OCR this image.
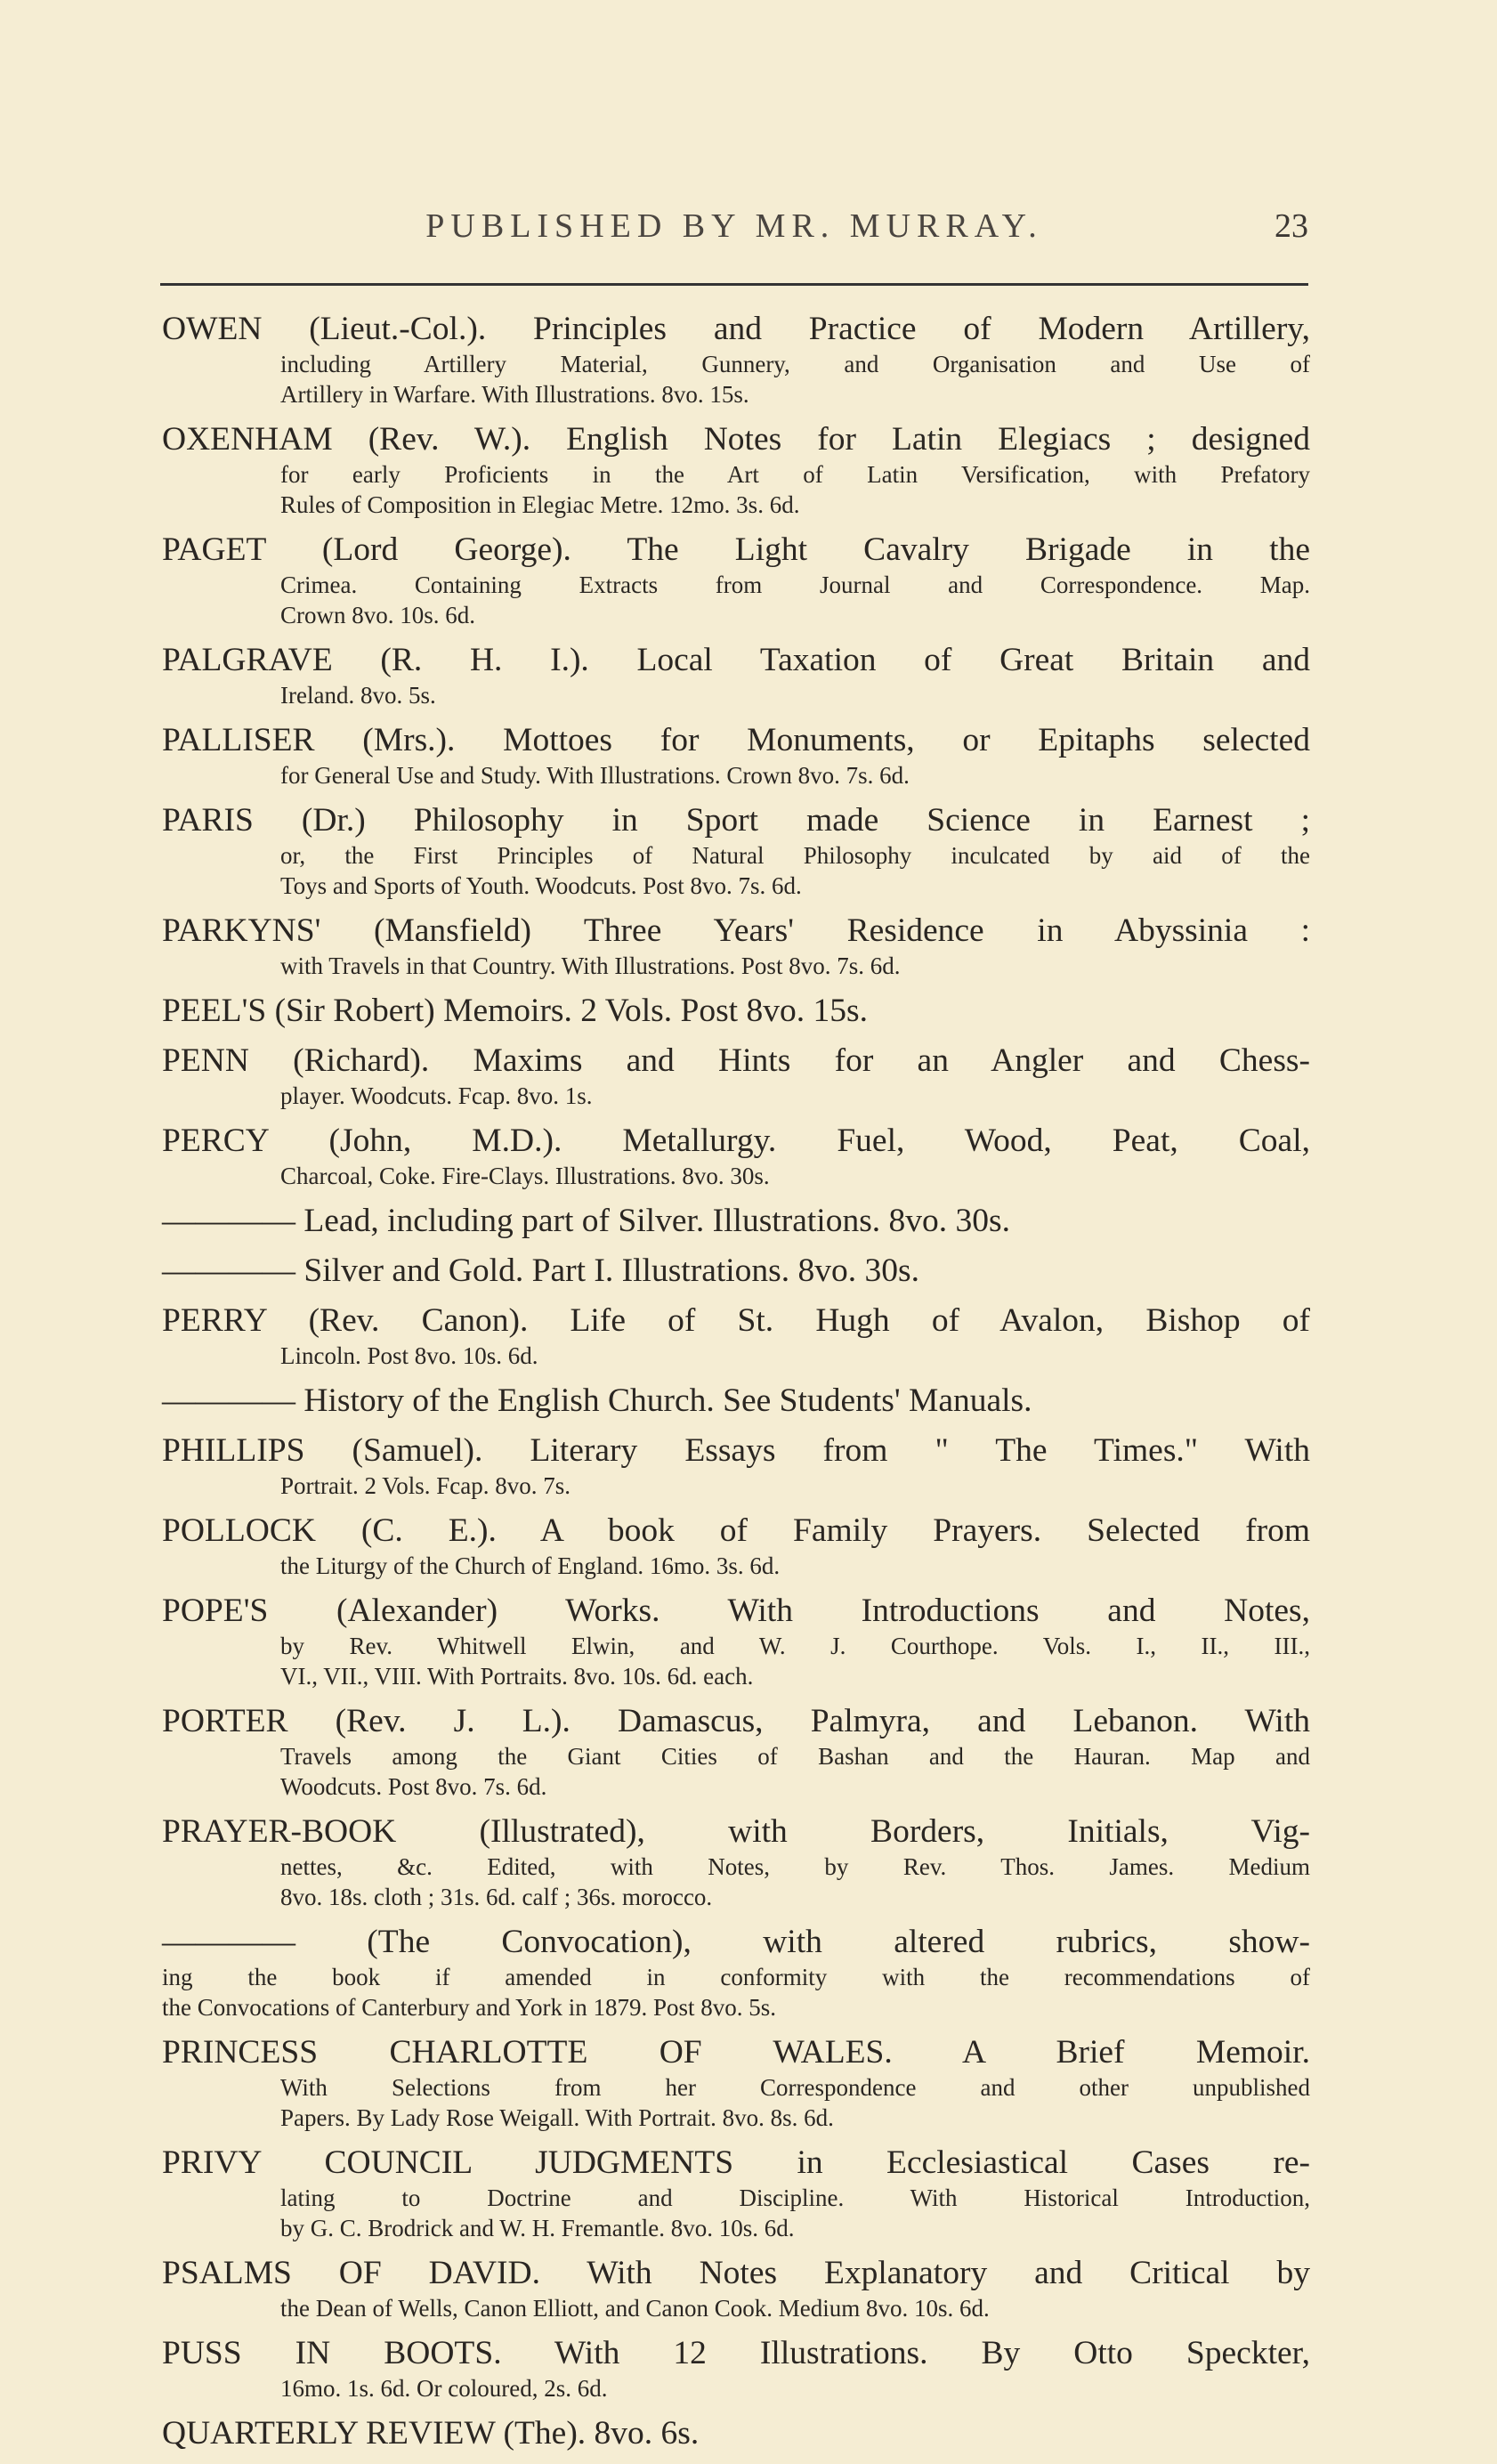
PUBLISHED BY MR. MURRAY.	23
OWEN (Lieut.-Col.). Principles and Practice of Modern Artillery,
including Artillery Material, Gunnery, and Organisation and Use of
Artillery in Warfare. With Illustrations. 8vo. 15s.
OXENHAM (Rev. W.). English Notes for Latin Elegiacs ; designed
for early Proficients in the Art of Latin Versification, with Prefatory
Rules of Composition in Elegiac Metre. 12mo. 3s. 6d.
PAGET (Lord George). The Light Cavalry Brigade in the
Crimea. Containing Extracts from Journal and Correspondence. Map.
Crown 8vo. 10s. 6d.
PALGRAVE (R. H. I.). Local Taxation of Great Britain and
Ireland. 8vo. 5s.
PALLISER (Mrs.). Mottoes for Monuments, or Epitaphs selected
for General Use and Study. With Illustrations. Crown 8vo. 7s. 6d.
PARIS (Dr.) Philosophy in Sport made Science in Earnest ;
or, the First Principles of Natural Philosophy inculcated by aid of the
Toys and Sports of Youth. Woodcuts. Post 8vo. 7s. 6d.
PARKYNS' (Mansfield) Three Years' Residence in Abyssinia :
with Travels in that Country. With Illustrations. Post 8vo. 7s. 6d.
PEEL'S (Sir Robert) Memoirs. 2 Vols. Post 8vo. 15s.
PENN (Richard). Maxims and Hints for an Angler and Chess-
player. Woodcuts. Fcap. 8vo. 1s.
PERCY (John, M.D.). Metallurgy. Fuel, Wood, Peat, Coal,
Charcoal, Coke. Fire-Clays. Illustrations. 8vo. 30s.
———— Lead, including part of Silver. Illustrations. 8vo. 30s.
———— Silver and Gold. Part I. Illustrations. 8vo. 30s.
PERRY (Rev. Canon). Life of St. Hugh of Avalon, Bishop of
Lincoln. Post 8vo. 10s. 6d.
———— History of the English Church. See Students' Manuals.
PHILLIPS (Samuel). Literary Essays from " The Times." With
Portrait. 2 Vols. Fcap. 8vo. 7s.
POLLOCK (C. E.). A book of Family Prayers. Selected from
the Liturgy of the Church of England. 16mo. 3s. 6d.
POPE'S (Alexander) Works. With Introductions and Notes,
by Rev. Whitwell Elwin, and W. J. Courthope. Vols. I., II., III.,
VI., VII., VIII. With Portraits. 8vo. 10s. 6d. each.
PORTER (Rev. J. L.). Damascus, Palmyra, and Lebanon. With
Travels among the Giant Cities of Bashan and the Hauran. Map and
Woodcuts. Post 8vo. 7s. 6d.
PRAYER-BOOK (Illustrated), with Borders, Initials, Vig-
nettes, &c. Edited, with Notes, by Rev. Thos. James. Medium
8vo. 18s. cloth ; 31s. 6d. calf ; 36s. morocco.
———— (The Convocation), with altered rubrics, show-
ing the book if amended in conformity with the recommendations of
the Convocations of Canterbury and York in 1879. Post 8vo. 5s.
PRINCESS CHARLOTTE OF WALES. A Brief Memoir.
With Selections from her Correspondence and other unpublished
Papers. By Lady Rose Weigall. With Portrait. 8vo. 8s. 6d.
PRIVY COUNCIL JUDGMENTS in Ecclesiastical Cases re-
lating to Doctrine and Discipline. With Historical Introduction,
by G. C. Brodrick and W. H. Fremantle. 8vo. 10s. 6d.
PSALMS OF DAVID. With Notes Explanatory and Critical by
the Dean of Wells, Canon Elliott, and Canon Cook. Medium 8vo. 10s. 6d.
PUSS IN BOOTS. With 12 Illustrations. By Otto Speckter,
16mo. 1s. 6d. Or coloured, 2s. 6d.
QUARTERLY REVIEW (The). 8vo. 6s.
